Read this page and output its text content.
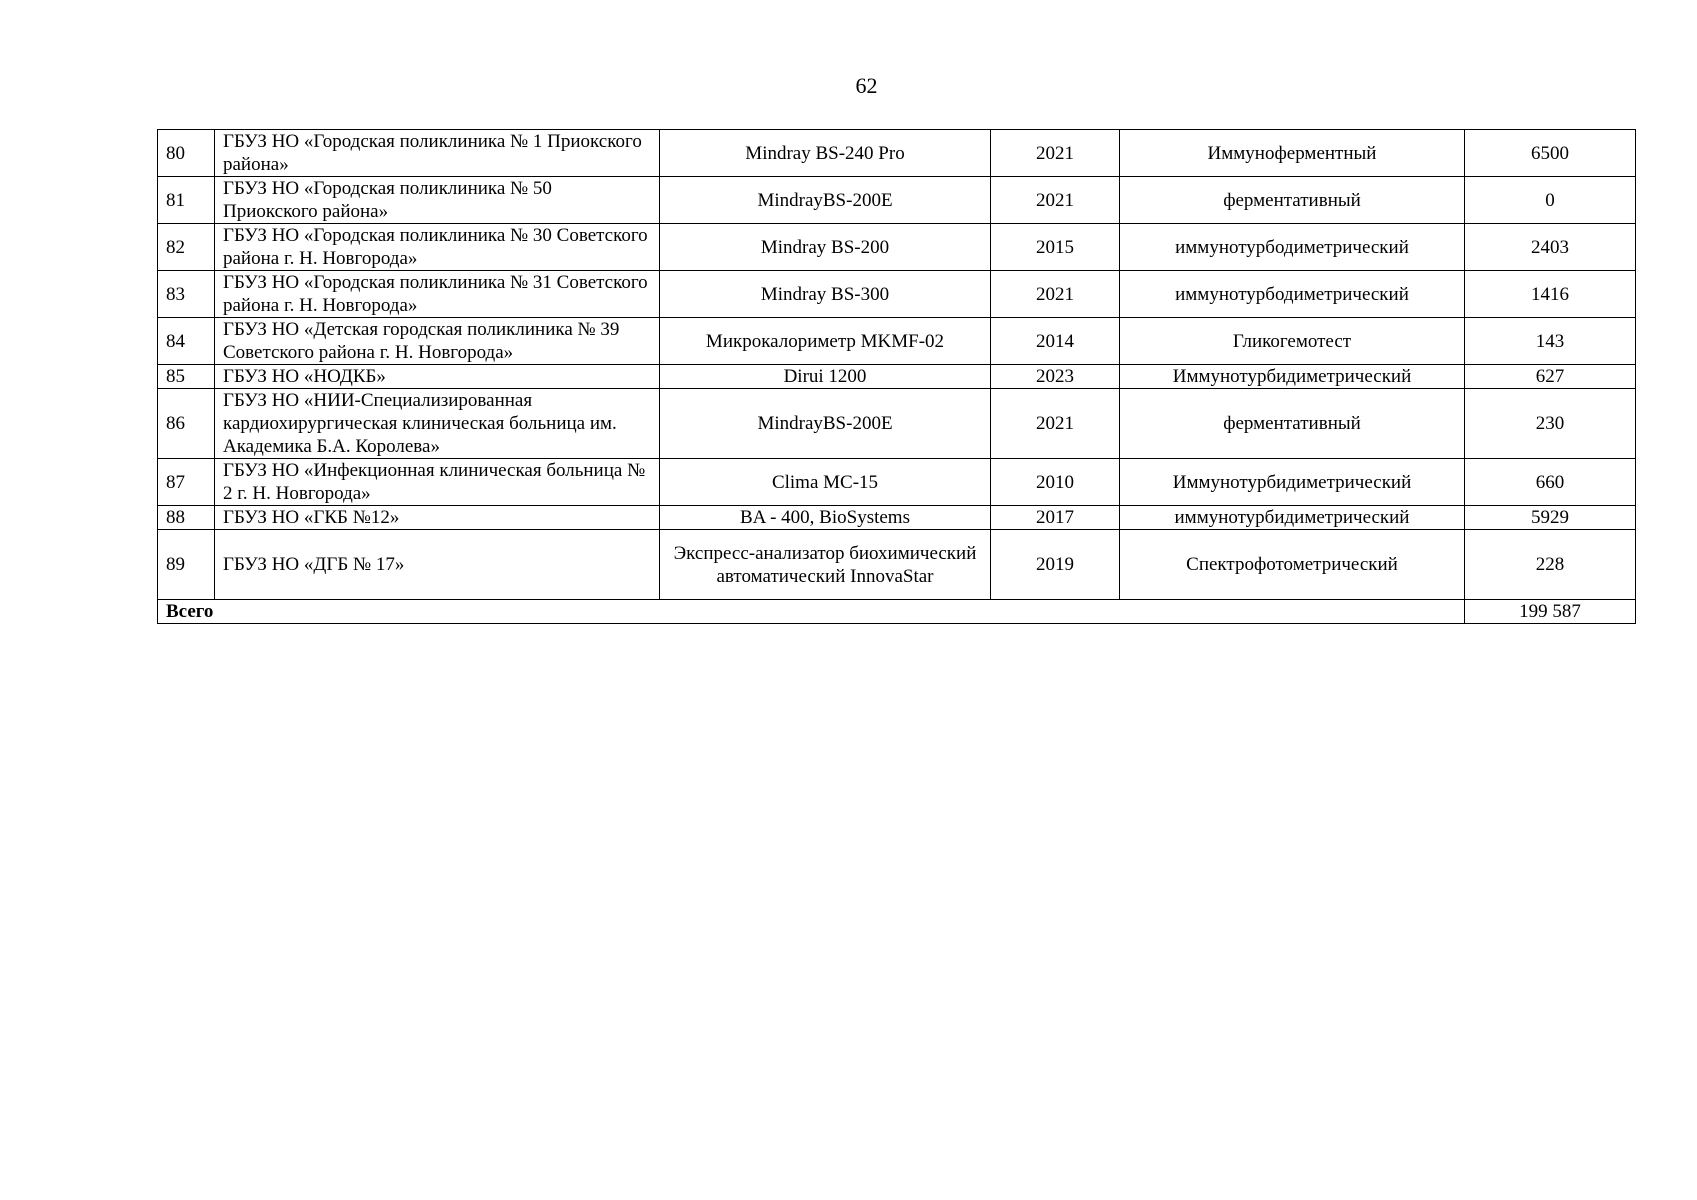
62
80	ГБУЗ НО «Городская поликлиника № 1 Приокского района»	Mindray BS-240 Pro	2021	Иммуноферментный	6500
81	ГБУЗ НО «Городская поликлиника № 50 Приокского района»	MindrayBS-200E	2021	ферментативный	0
82	ГБУЗ НО «Городская поликлиника № 30 Советского района г. Н. Новгорода»	Mindray BS-200	2015	иммунотурбодиметрический	2403
83	ГБУЗ НО «Городская поликлиника № 31 Советского района г. Н. Новгорода»	Mindray BS-300	2021	иммунотурбодиметрический	1416
84	ГБУЗ НО «Детская городская поликлиника № 39 Советского района г. Н. Новгорода»	Микрокалориметр MKMF-02	2014	Гликогемотест	143
85	ГБУЗ НО «НОДКБ»	Dirui 1200	2023	Иммунотурбидиметрический	627
86	ГБУЗ НО «НИИ-Специализированная кардиохирургическая клиническая больница им. Академика Б.А. Королева»	MindrayBS-200E	2021	ферментативный	230
87	ГБУЗ НО «Инфекционная клиническая больница № 2 г. Н. Новгорода»	Clima MC-15	2010	Иммунотурбидиметрический	660
88	ГБУЗ НО «ГКБ №12»	BA - 400, BioSystems	2017	иммунотурбидиметрический	5929
89	ГБУЗ НО «ДГБ № 17»	Экспресс-анализатор биохимический автоматический InnovaStar	2019	Спектрофотометрический	228
Всего					199 587
